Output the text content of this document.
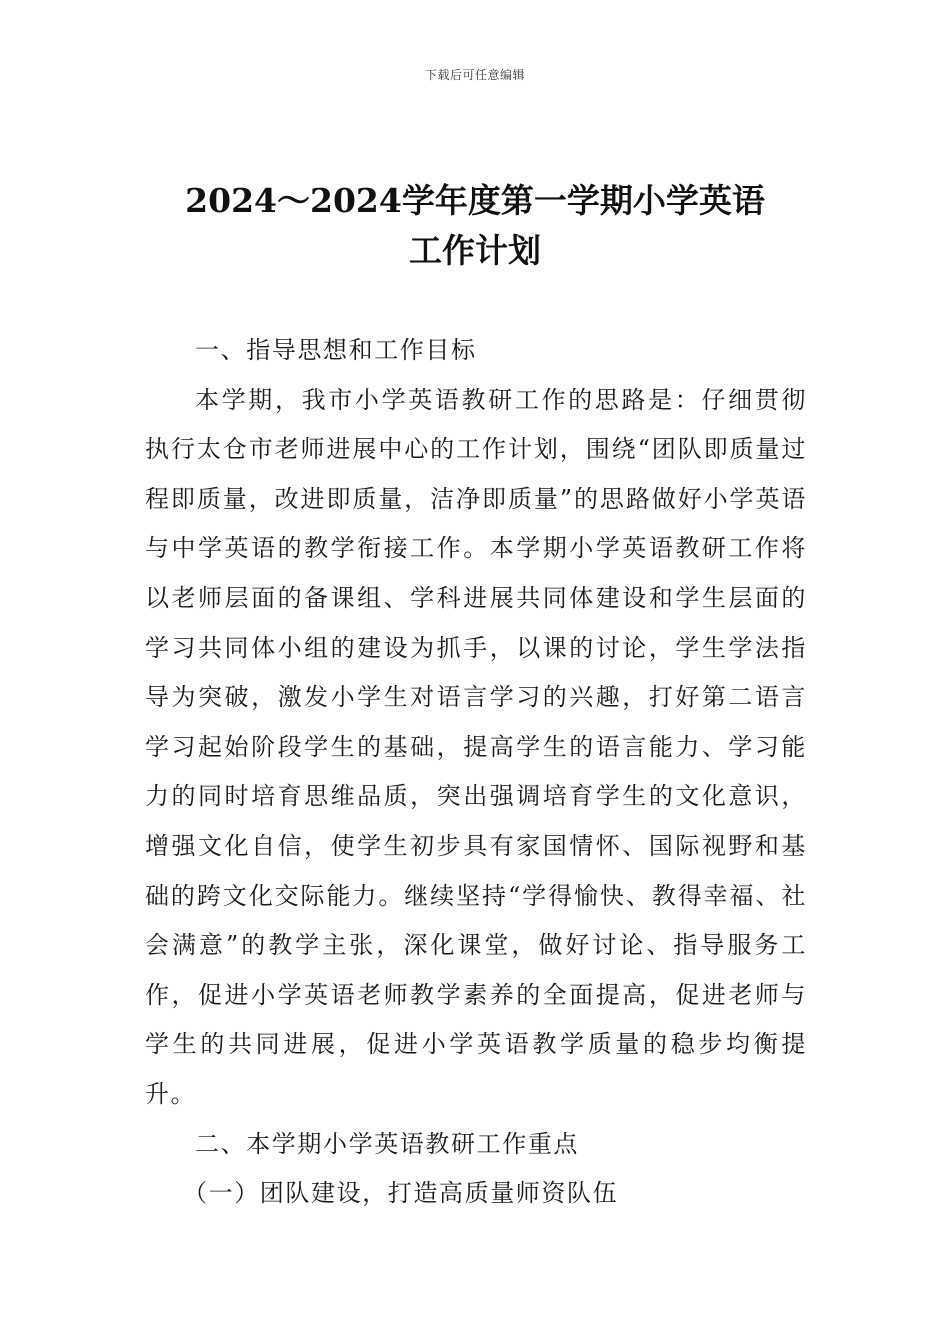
下载后可任意编辑
2024～2024学年度第一学期小学英语
工作计划

一、指导思想和工作目标

本学期，我市小学英语教研工作的思路是：仔细贯彻执行太仓市老师进展中心的工作计划，围绕“团队即质量过程即质量，改进即质量，洁净即质量”的思路做好小学英语与中学英语的教学衔接工作。本学期小学英语教研工作将以老师层面的备课组、学科进展共同体建设和学生层面的学习共同体小组的建设为抓手，以课的讨论，学生学法指导为突破，激发小学生对语言学习的兴趣，打好第二语言学习起始阶段学生的基础，提高学生的语言能力、学习能力的同时培育思维品质，突出强调培育学生的文化意识，增强文化自信，使学生初步具有家国情怀、国际视野和基础的跨文化交际能力。继续坚持“学得愉快、教得幸福、社会满意”的教学主张，深化课堂，做好讨论、指导服务工作，促进小学英语老师教学素养的全面提高，促进老师与学生的共同进展，促进小学英语教学质量的稳步均衡提升。

二、本学期小学英语教研工作重点

（一）团队建设，打造高质量师资队伍
